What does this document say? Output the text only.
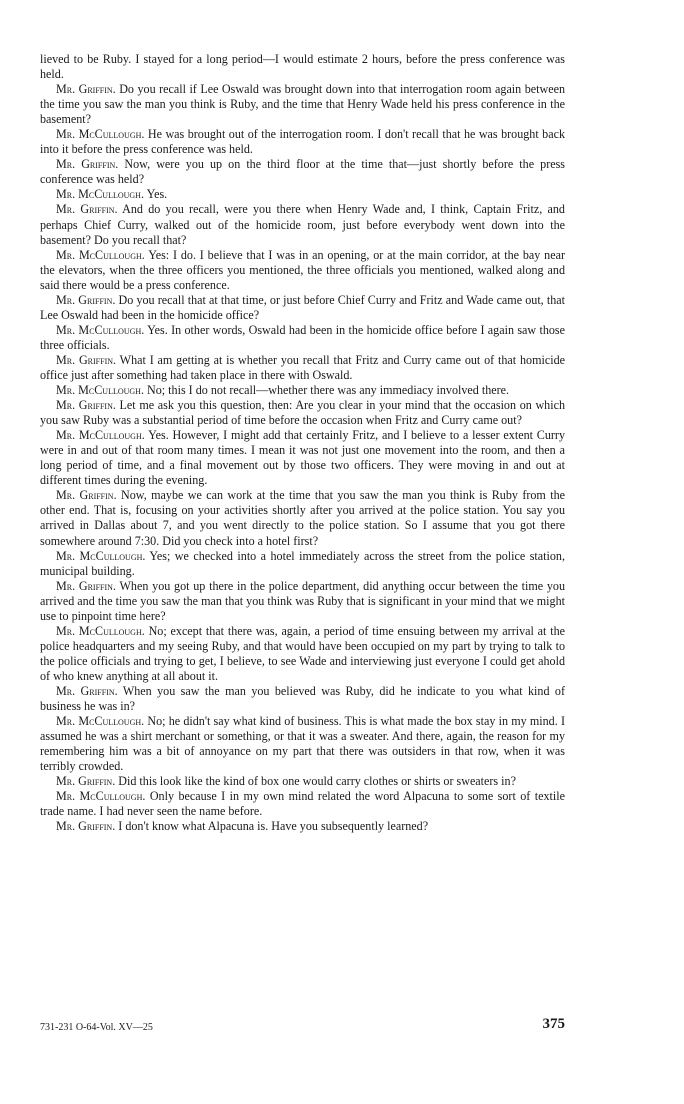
lieved to be Ruby. I stayed for a long period—I would estimate 2 hours, before the press conference was held.

Mr. Griffin. Do you recall if Lee Oswald was brought down into that interrogation room again between the time you saw the man you think is Ruby, and the time that Henry Wade held his press conference in the basement?

Mr. McCullough. He was brought out of the interrogation room. I don't recall that he was brought back into it before the press conference was held.

Mr. Griffin. Now, were you up on the third floor at the time that—just shortly before the press conference was held?

Mr. McCullough. Yes.

Mr. Griffin. And do you recall, were you there when Henry Wade and, I think, Captain Fritz, and perhaps Chief Curry, walked out of the homicide room, just before everybody went down into the basement? Do you recall that?

Mr. McCullough. Yes: I do. I believe that I was in an opening, or at the main corridor, at the bay near the elevators, when the three officers you mentioned, the three officials you mentioned, walked along and said there would be a press conference.

Mr. Griffin. Do you recall that at that time, or just before Chief Curry and Fritz and Wade came out, that Lee Oswald had been in the homicide office?

Mr. McCullough. Yes. In other words, Oswald had been in the homicide office before I again saw those three officials.

Mr. Griffin. What I am getting at is whether you recall that Fritz and Curry came out of that homicide office just after something had taken place in there with Oswald.

Mr. McCullough. No; this I do not recall—whether there was any immediacy involved there.

Mr. Griffin. Let me ask you this question, then: Are you clear in your mind that the occasion on which you saw Ruby was a substantial period of time before the occasion when Fritz and Curry came out?

Mr. McCullough. Yes. However, I might add that certainly Fritz, and I believe to a lesser extent Curry were in and out of that room many times. I mean it was not just one movement into the room, and then a long period of time, and a final movement out by those two officers. They were moving in and out at different times during the evening.

Mr. Griffin. Now, maybe we can work at the time that you saw the man you think is Ruby from the other end. That is, focusing on your activities shortly after you arrived at the police station. You say you arrived in Dallas about 7, and you went directly to the police station. So I assume that you got there somewhere around 7:30. Did you check into a hotel first?

Mr. McCullough. Yes; we checked into a hotel immediately across the street from the police station, municipal building.

Mr. Griffin. When you got up there in the police department, did anything occur between the time you arrived and the time you saw the man that you think was Ruby that is significant in your mind that we might use to pinpoint time here?

Mr. McCullough. No; except that there was, again, a period of time ensuing between my arrival at the police headquarters and my seeing Ruby, and that would have been occupied on my part by trying to talk to the police officials and trying to get, I believe, to see Wade and interviewing just everyone I could get ahold of who knew anything at all about it.

Mr. Griffin. When you saw the man you believed was Ruby, did he indicate to you what kind of business he was in?

Mr. McCullough. No; he didn't say what kind of business. This is what made the box stay in my mind. I assumed he was a shirt merchant or something, or that it was a sweater. And there, again, the reason for my remembering him was a bit of annoyance on my part that there was outsiders in that row, when it was terribly crowded.

Mr. Griffin. Did this look like the kind of box one would carry clothes or shirts or sweaters in?

Mr. McCullough. Only because I in my own mind related the word Alpacuna to some sort of textile trade name. I had never seen the name before.

Mr. Griffin. I don't know what Alpacuna is. Have you subsequently learned?

731-231 O-64-Vol. XV—25	375
